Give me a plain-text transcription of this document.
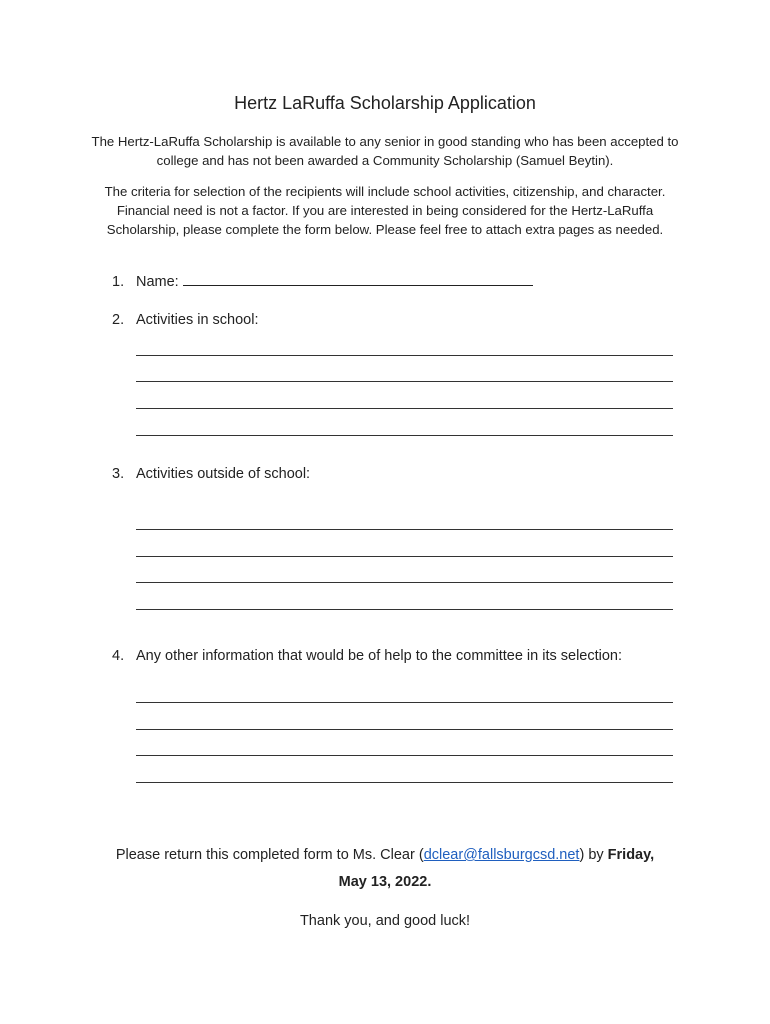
Hertz LaRuffa Scholarship Application
The Hertz-LaRuffa Scholarship is available to any senior in good standing who has been accepted to college and has not been awarded a Community Scholarship (Samuel Beytin).
The criteria for selection of the recipients will include school activities, citizenship, and character. Financial need is not a factor. If you are interested in being considered for the Hertz-LaRuffa Scholarship, please complete the form below. Please feel free to attach extra pages as needed.
1. Name:
2. Activities in school:
3. Activities outside of school:
4. Any other information that would be of help to the committee in its selection:
Please return this completed form to Ms. Clear (dclear@fallsburgcsd.net) by Friday,
May 13, 2022.
Thank you, and good luck!
